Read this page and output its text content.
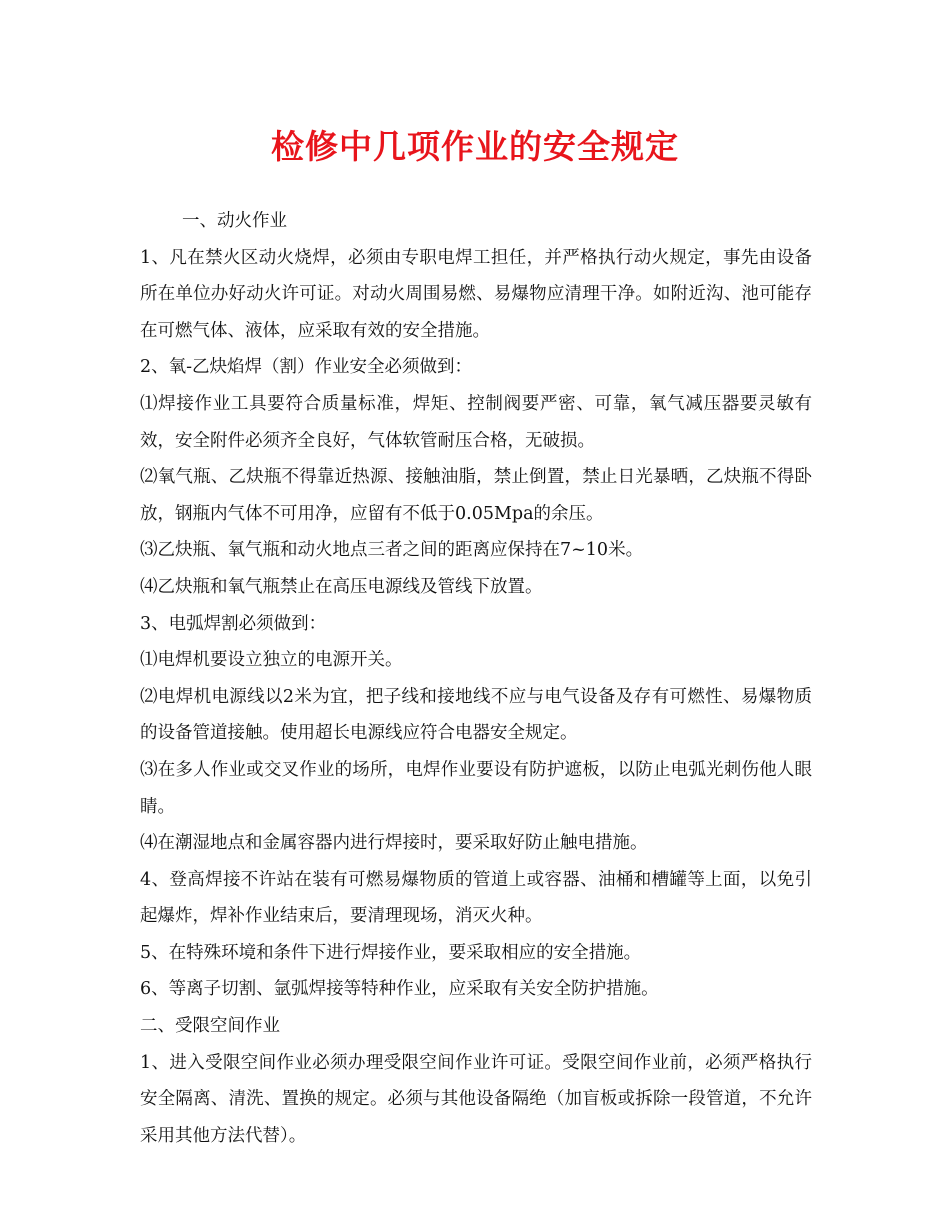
检修中几项作业的安全规定

一、动火作业

1、凡在禁火区动火烧焊，必须由专职电焊工担任，并严格执行动火规定，事先由设备所在单位办好动火许可证。对动火周围易燃、易爆物应清理干净。如附近沟、池可能存在可燃气体、液体，应采取有效的安全措施。

2、氧-乙炔焰焊（割）作业安全必须做到：

⑴焊接作业工具要符合质量标准，焊矩、控制阀要严密、可靠，氧气减压器要灵敏有效，安全附件必须齐全良好，气体软管耐压合格，无破损。

⑵氧气瓶、乙炔瓶不得靠近热源、接触油脂，禁止倒置，禁止日光暴晒，乙炔瓶不得卧放，钢瓶内气体不可用净，应留有不低于0.05Mpa的余压。

⑶乙炔瓶、氧气瓶和动火地点三者之间的距离应保持在7~10米。

⑷乙炔瓶和氧气瓶禁止在高压电源线及管线下放置。

3、电弧焊割必须做到：

⑴电焊机要设立独立的电源开关。

⑵电焊机电源线以2米为宜，把子线和接地线不应与电气设备及存有可燃性、易爆物质的设备管道接触。使用超长电源线应符合电器安全规定。

⑶在多人作业或交叉作业的场所，电焊作业要设有防护遮板，以防止电弧光刺伤他人眼睛。

⑷在潮湿地点和金属容器内进行焊接时，要采取好防止触电措施。

4、登高焊接不许站在装有可燃易爆物质的管道上或容器、油桶和槽罐等上面，以免引起爆炸，焊补作业结束后，要清理现场，消灭火种。

5、在特殊环境和条件下进行焊接作业，要采取相应的安全措施。

6、等离子切割、氩弧焊接等特种作业，应采取有关安全防护措施。

二、受限空间作业

1、进入受限空间作业必须办理受限空间作业许可证。受限空间作业前，必须严格执行安全隔离、清洗、置换的规定。必须与其他设备隔绝（加盲板或拆除一段管道，不允许采用其他方法代替）。
